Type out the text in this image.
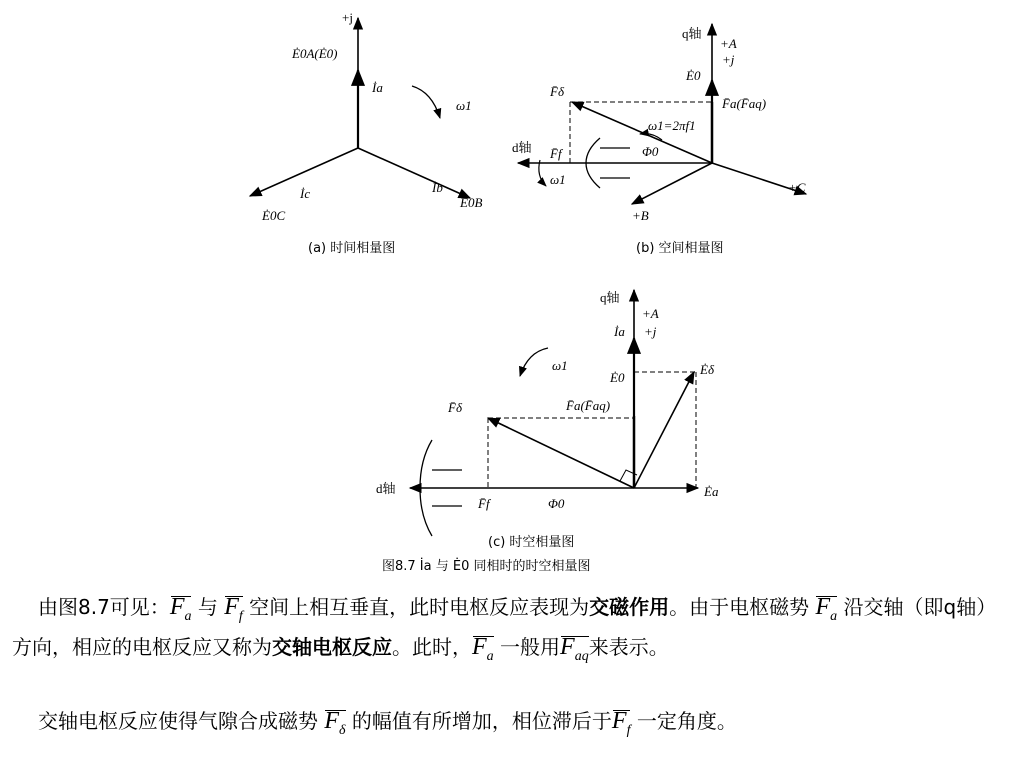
+j
Ė0A(Ė0)
İa
ω1
İc
Ė0C
İb
Ė0B
(a) 时间相量图
q轴
+A
+j
Ė0
F̄δ
F̄a(F̄aq)
ω1=2πf1
d轴 F̄f	Φ0
ω1
+B
+C
(b) 空间相量图
q轴
+A
İa +j
ω1
Ė0
Ėδ
F̄δ	F̄a(F̄aq)
d轴
F̄f	Φ0
Ėa
(c) 时空相量图
图8.7 İa 与 Ė0 同相时的时空相量图
由图8.7可见：$F_a$ 与 $F_f$ 空间上相互垂直，此时电枢反应表现为交磁作用。由于电枢磁势 $F_a$ 沿交轴（即q轴）方向，相应的电枢反应又称为交轴电枢反应。此时，$F_a$ 一般用$F_{aq}$来表示。
交轴电枢反应使得气隙合成磁势 $F_\delta$ 的幅值有所增加，相位滞后于$F_f$ 一定角度。
